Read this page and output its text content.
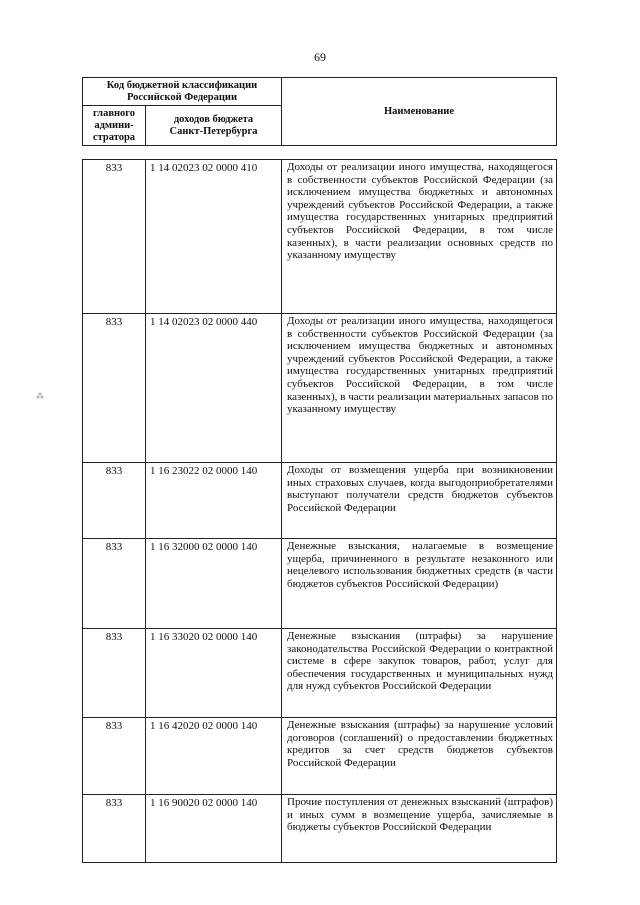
69
Код бюджетной классификации Российской Федерации		Наименование
главного админи-стратора	доходов бюджета Санкт-Петербурга	
833	1 14 02023 02 0000 410	Доходы от реализации иного имущества, находящегося в собственности субъектов Российской Федерации (за исключением имущества бюджетных и автономных учреждений субъектов Российской Федерации, а также имущества государственных унитарных предприятий субъектов Российской Федерации, в том числе казенных), в части реализации основных средств по указанному имуществу
833	1 14 02023 02 0000 440	Доходы от реализации иного имущества, находящегося в собственности субъектов Российской Федерации (за исключением имущества бюджетных и автономных учреждений субъектов Российской Федерации, а также имущества государственных унитарных предприятий субъектов Российской Федерации, в том числе казенных), в части реализации материальных запасов по указанному имуществу
833	1 16 23022 02 0000 140	Доходы от возмещения ущерба при возникновении иных страховых случаев, когда выгодоприобретателями выступают получатели средств бюджетов субъектов Российской Федерации
833	1 16 32000 02 0000 140	Денежные взыскания, налагаемые в возмещение ущерба, причиненного в результате незаконного или нецелевого использования бюджетных средств (в части бюджетов субъектов Российской Федерации)
833	1 16 33020 02 0000 140	Денежные взыскания (штрафы) за нарушение законодательства Российской Федерации о контрактной системе в сфере закупок товаров, работ, услуг для обеспечения государственных и муниципальных нужд для нужд субъектов Российской Федерации
833	1 16 42020 02 0000 140	Денежные взыскания (штрафы) за нарушение условий договоров (соглашений) о предоставлении бюджетных кредитов за счет средств бюджетов субъектов Российской Федерации
833	1 16 90020 02 0000 140	Прочие поступления от денежных взысканий (штрафов) и иных сумм в возмещение ущерба, зачисляемые в бюджеты субъектов Российской Федерации
⁂
